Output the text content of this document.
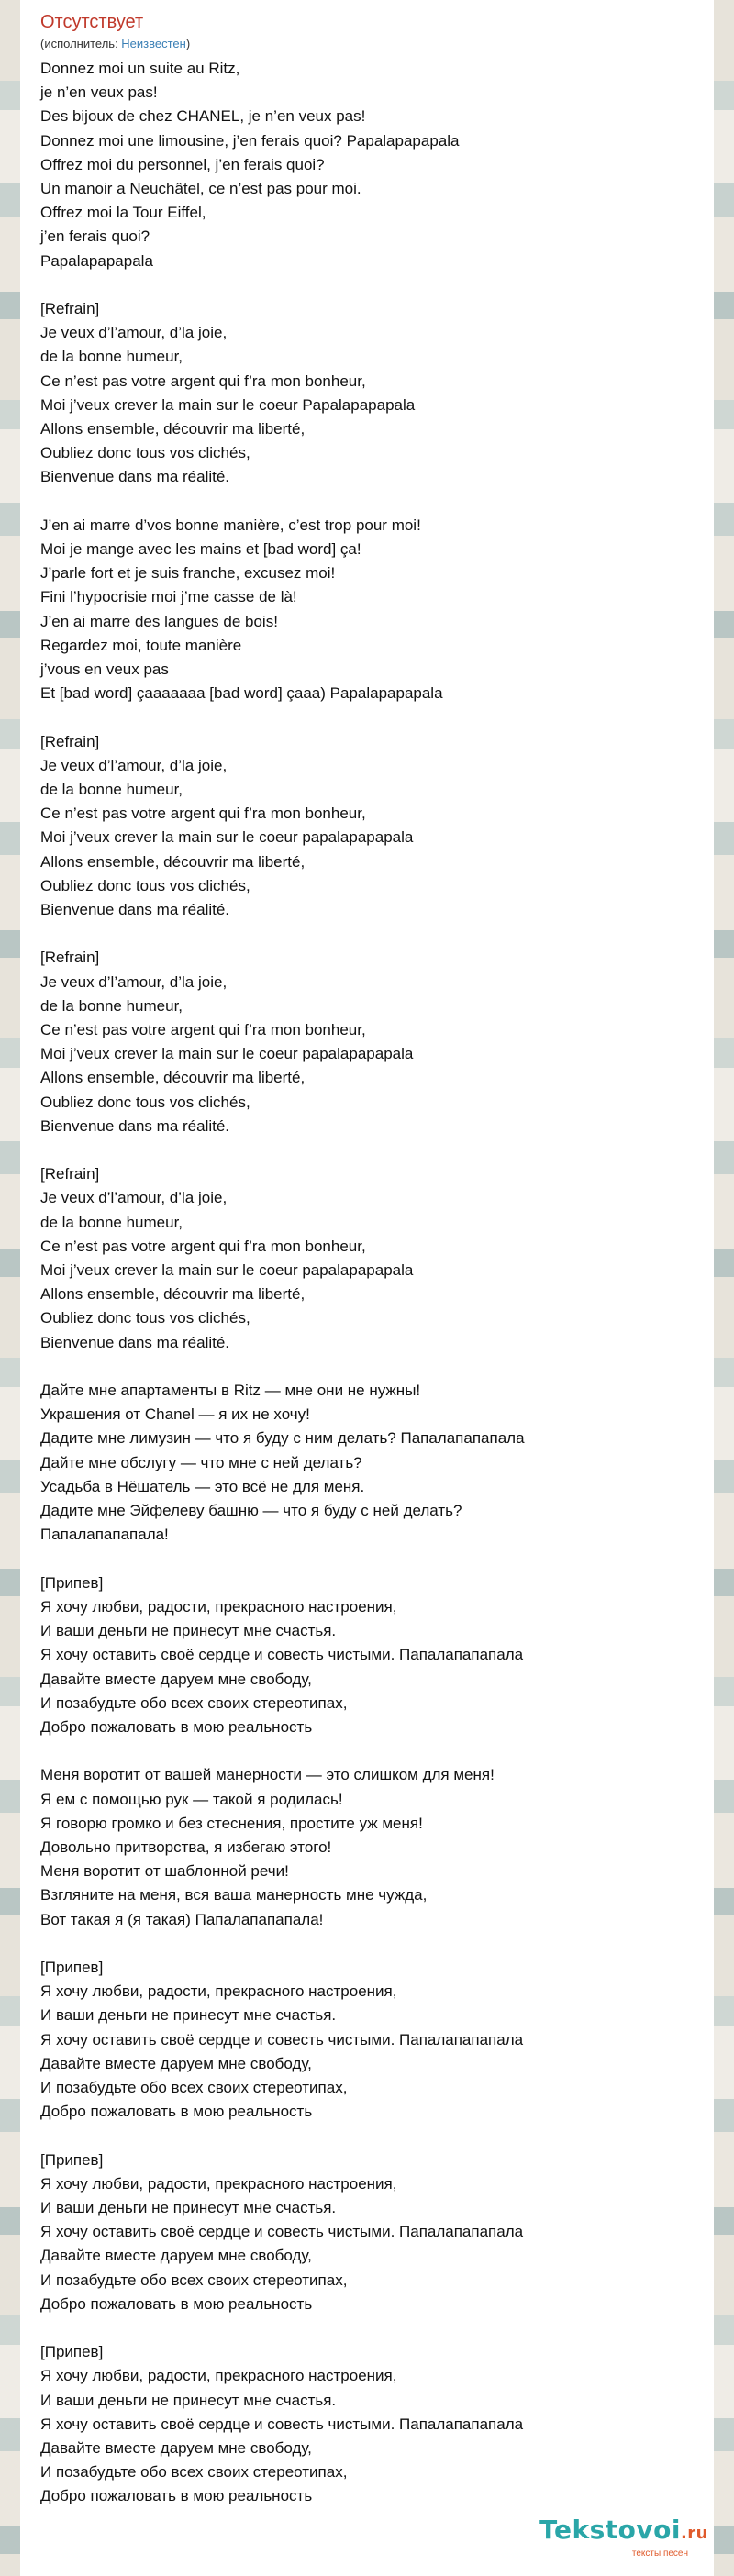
Отсутствует
(исполнитель: Неизвестен)
Donnez moi un suite au Ritz,
je n’en veux pas!
Des bijoux de chez CHANEL, je n’en veux pas!
Donnez moi une limousine, j’en ferais quoi? Papalapapapala
Offrez moi du personnel, j’en ferais quoi?
Un manoir a Neuchâtel, ce n’est pas pour moi.
Offrez moi la Tour Eiffel,
j’en ferais quoi?
Papalapapapala
[Refrain]
Je veux d’l’amour, d’la joie,
de la bonne humeur,
Ce n’est pas votre argent qui f’ra mon bonheur,
Moi j’veux crever la main sur le coeur Papalapapapala
Allons ensemble, découvrir ma liberté,
Oubliez donc tous vos clichés,
Bienvenue dans ma réalité.
J’en ai marre d’vos bonne manière, c’est trop pour moi!
Moi je mange avec les mains et [bad word] ça!
J’parle fort et je suis franche, excusez moi!
Fini l’hypocrisie moi j’me casse de là!
J’en ai marre des langues de bois!
Regardez moi, toute manière
j’vous en veux pas
Et [bad word] çaaaaaaa [bad word] çaaa) Papalapapapala
[Refrain]
Je veux d’l’amour, d’la joie,
de la bonne humeur,
Ce n’est pas votre argent qui f’ra mon bonheur,
Moi j’veux crever la main sur le coeur papalapapapala
Allons ensemble, découvrir ma liberté,
Oubliez donc tous vos clichés,
Bienvenue dans ma réalité.
[Refrain]
Je veux d’l’amour, d’la joie,
de la bonne humeur,
Ce n’est pas votre argent qui f’ra mon bonheur,
Moi j’veux crever la main sur le coeur papalapapapala
Allons ensemble, découvrir ma liberté,
Oubliez donc tous vos clichés,
Bienvenue dans ma réalité.
[Refrain]
Je veux d’l’amour, d’la joie,
de la bonne humeur,
Ce n’est pas votre argent qui f’ra mon bonheur,
Moi j’veux crever la main sur le coeur papalapapapala
Allons ensemble, découvrir ma liberté,
Oubliez donc tous vos clichés,
Bienvenue dans ma réalité.
Дайте мне апартаменты в Ritz — мне они не нужны!
Украшения от Chanel — я их не хочу!
Дадите мне лимузин — что я буду с ним делать? Папалапапапала
Дайте мне обслугу — что мне с ней делать?
Усадьба в Нёшатель — это всё не для меня.
Дадите мне Эйфелеву башню — что я буду с ней делать?
Папалапапапала!
[Припев]
Я хочу любви, радости, прекрасного настроения,
И ваши деньги не принесут мне счастья.
Я хочу оставить своё сердце и совесть чистыми. Папалапапапала
Давайте вместе даруем мне свободу,
И позабудьте обо всех своих стереотипах,
Добро пожаловать в мою реальность
Меня воротит от вашей манерности — это слишком для меня!
Я ем с помощью рук — такой я родилась!
Я говорю громко и без стеснения, простите уж меня!
Довольно притворства, я избегаю этого!
Меня воротит от шаблонной речи!
Взгляните на меня, вся ваша манерность мне чужда,
Вот такая я (я такая) Папалапапапала!
[Припев]
Я хочу любви, радости, прекрасного настроения,
И ваши деньги не принесут мне счастья.
Я хочу оставить своё сердце и совесть чистыми. Папалапапапала
Давайте вместе даруем мне свободу,
И позабудьте обо всех своих стереотипах,
Добро пожаловать в мою реальность
[Припев]
Я хочу любви, радости, прекрасного настроения,
И ваши деньги не принесут мне счастья.
Я хочу оставить своё сердце и совесть чистыми. Папалапапапала
Давайте вместе даруем мне свободу,
И позабудьте обо всех своих стереотипах,
Добро пожаловать в мою реальность
[Припев]
Я хочу любви, радости, прекрасного настроения,
И ваши деньги не принесут мне счастья.
Я хочу оставить своё сердце и совесть чистыми. Папалапапапала
Давайте вместе даруем мне свободу,
И позабудьте обо всех своих стереотипах,
Добро пожаловать в мою реальность
Tekstovoi.ru
тексты песен
